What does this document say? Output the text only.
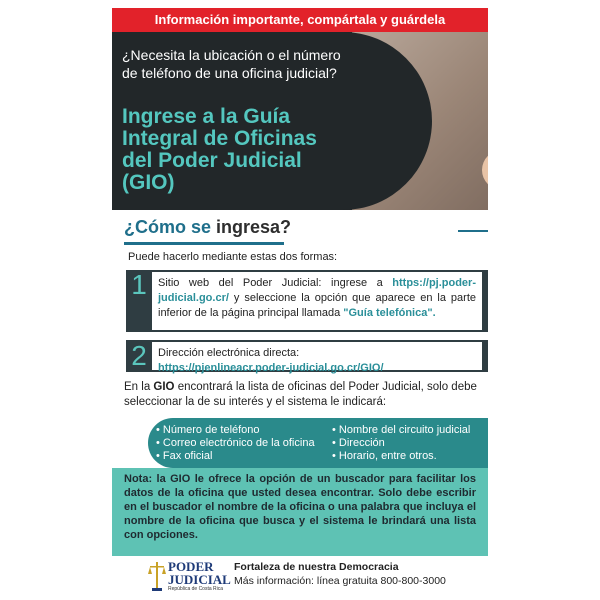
Información importante, compártala y guárdela
¿Necesita la ubicación o el número de teléfono de una oficina judicial?
Ingrese a la Guía Integral de Oficinas del Poder Judicial (GIO)
¿Cómo se ingresa?
Puede hacerlo mediante estas dos formas:
1	Sitio web del Poder Judicial: ingrese a https://pj.poder-judicial.go.cr/ y seleccione la opción que aparece en la parte inferior de la página principal llamada "Guía telefónica".
2	Dirección electrónica directa:
https://pjenlineacr.poder-judicial.go.cr/GIO/
En la GIO encontrará la lista de oficinas del Poder Judicial, solo debe seleccionar la de su interés y el sistema le indicará:
• Número de teléfono
• Correo electrónico de la oficina
• Fax oficial
• Nombre del circuito judicial
• Dirección
• Horario, entre otros.
Nota: la GIO le ofrece la opción de un buscador para facilitar los datos de la oficina que usted desea encontrar. Solo debe escribir en el buscador el nombre de la oficina o una palabra que incluya el nombre de la oficina que busca y el sistema le brindará una lista con opciones.
PODER
JUDICIAL
República de Costa Rica
Fortaleza de nuestra Democracia
Más información: línea gratuita 800-800-3000
